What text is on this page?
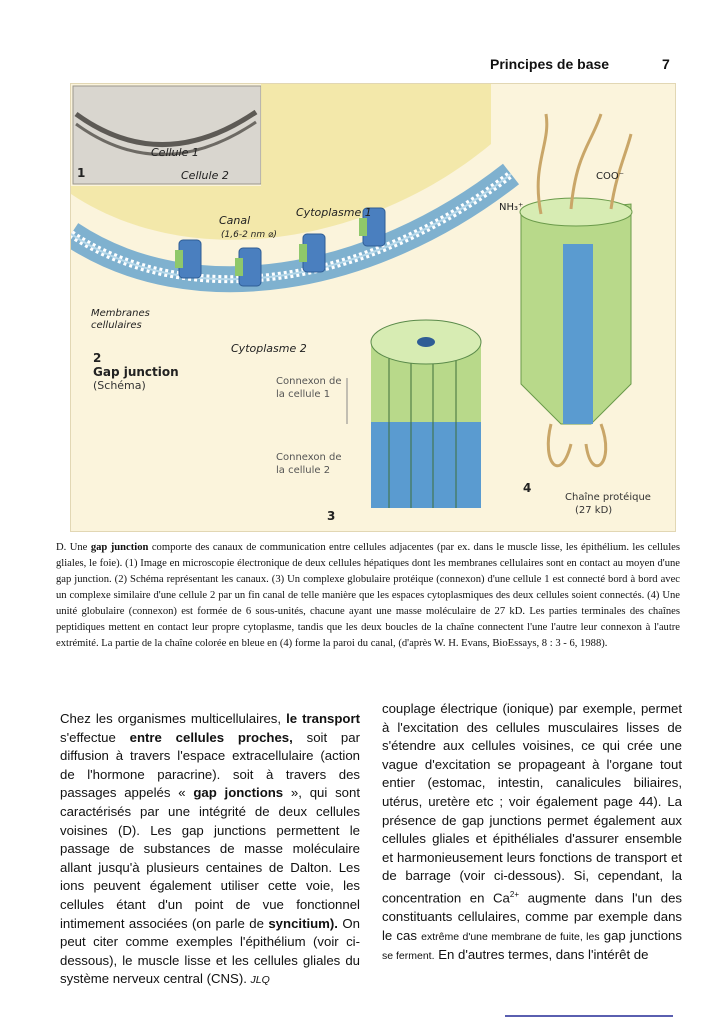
Principes de base	7
Cellule 1
Cellule 2
1
Canal
(1,6-2 nm ⌀)
Cytoplasme 1
Membranes
cellulaires
Cytoplasme 2
2
Gap junction
(Schéma)	Connexon de
la cellule 1
Connexon de
la cellule 2
3
COO⁻
NH₃⁺
4
Chaîne protéique
(27 kD)
D. Une gap junction comporte des canaux de communication entre cellules adjacentes (par ex. dans le muscle lisse, les épithélium. les cellules gliales, le foie). (1) Image en microscopie électronique de deux cellules hépatiques dont les membranes cellulaires sont en contact au moyen d'une gap junction. (2) Schéma représentant les canaux. (3) Un complexe globulaire protéique (connexon) d'une cellule 1 est connecté bord à bord avec un complexe similaire d'une cellule 2 par un fin canal de telle manière que les espaces cytoplasmiques des deux cellules soient connectés. (4) Une unité globulaire (connexon) est formée de 6 sous-unités, chacune ayant une masse moléculaire de 27 kD. Les parties terminales des chaînes peptidiques mettent en contact leur propre cytoplasme, tandis que les deux boucles de la chaîne connectent l'une l'autre leur connexon à l'autre extrémité. La partie de la chaîne colorée en bleue en (4) forme la paroi du canal, (d'après W. H. Evans, BioEssays, 8 : 3 - 6, 1988).
Chez les organismes multicellulaires, le transport s'effectue entre cellules proches, soit par diffusion à travers l'espace extracellulaire (action de l'hormone paracrine). soit à travers des passages appelés « gap jonctions », qui sont caractérisés par une intégrité de deux cellules voisines (D). Les gap junctions permettent le passage de substances de masse moléculaire allant jusqu'à plusieurs centaines de Dalton. Les ions peuvent également utiliser cette voie, les cellules étant d'un point de vue fonctionnel intimement associées (on parle de syncitium). On peut citer comme exemples l'épithélium (voir ci-dessous), le muscle lisse et les cellules gliales du système nerveux central (CNS). JLQ
couplage électrique (ionique) par exemple, permet à l'excitation des cellules musculaires lisses de s'étendre aux cellules voisines, ce qui crée une vague d'excitation se propageant à l'organe tout entier (estomac, intestin, canalicules biliaires, utérus, uretère etc ; voir également page 44). La présence de gap junctions permet également aux cellules gliales et épithéliales d'assurer ensemble et harmonieusement leurs fonctions de transport et de barrage (voir ci-dessous). Si, cependant, la concentration en $Ca^{2+}$ augmente dans l'un des constituants cellulaires, comme par exemple dans le cas extrême d'une membrane de fuite, les gap junctions se ferment. En d'autres termes, dans l'intérêt de
